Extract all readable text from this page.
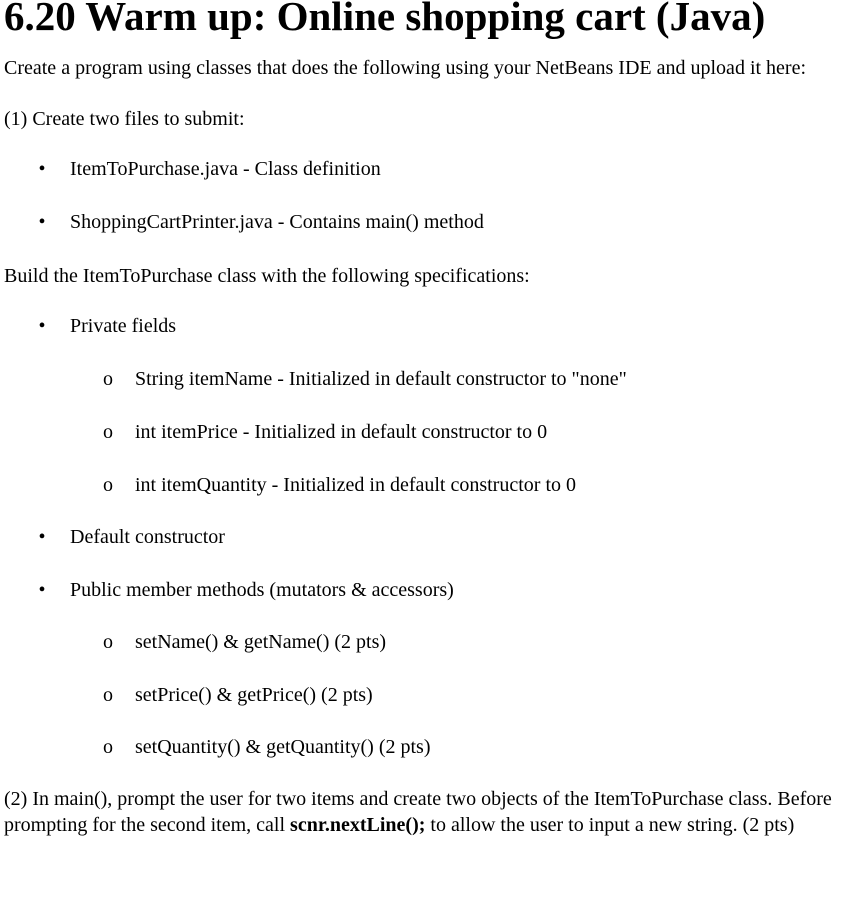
6.20 Warm up: Online shopping cart (Java)

Create a program using classes that does the following using your NetBeans IDE and upload it here:

(1) Create two files to submit:

• ItemToPurchase.java - Class definition
• ShoppingCartPrinter.java - Contains main() method

Build the ItemToPurchase class with the following specifications:

• Private fields
o String itemName - Initialized in default constructor to "none"
o int itemPrice - Initialized in default constructor to 0
o int itemQuantity - Initialized in default constructor to 0
• Default constructor
• Public member methods (mutators & accessors)
o setName() & getName() (2 pts)
o setPrice() & getPrice() (2 pts)
o setQuantity() & getQuantity() (2 pts)

(2) In main(), prompt the user for two items and create two objects of the ItemToPurchase class. Before prompting for the second item, call scnr.nextLine(); to allow the user to input a new string. (2 pts)
